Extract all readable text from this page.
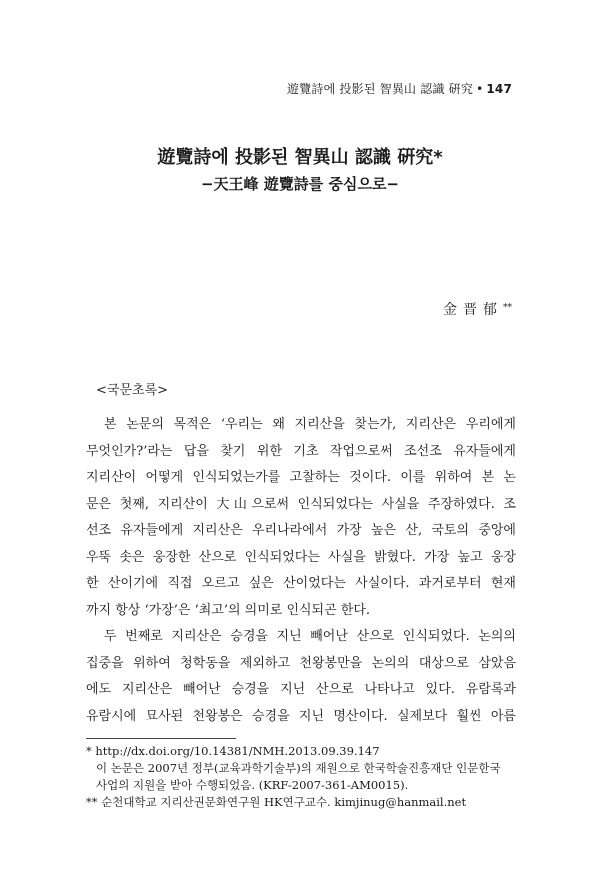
遊覽詩에 投影된 智異山 認識 硏究 • 147
遊覽詩에 投影된 智異山 認識 硏究*
−天王峰 遊覽詩를 중심으로−
金晋郁**
<국문초록>
본 논문의 목적은 ‘우리는 왜 지리산을 찾는가, 지리산은 우리에게
무엇인가?’라는 답을 찾기 위한 기초 작업으로써 조선조 유자들에게
지리산이 어떻게 인식되었는가를 고찰하는 것이다. 이를 위하여 본 논
문은 첫째, 지리산이 大山으로써 인식되었다는 사실을 주장하였다. 조
선조 유자들에게 지리산은 우리나라에서 가장 높은 산, 국토의 중앙에
우뚝 솟은 웅장한 산으로 인식되었다는 사실을 밝혔다. 가장 높고 웅장
한 산이기에 직접 오르고 싶은 산이었다는 사실이다. 과거로부터 현재
까지 항상 ‘가장’은 ‘최고’의 의미로 인식되곤 한다.
두 번째로 지리산은 승경을 지닌 빼어난 산으로 인식되었다. 논의의
집중을 위하여 청학동을 제외하고 천왕봉만을 논의의 대상으로 삼았음
에도 지리산은 빼어난 승경을 지닌 산으로 나타나고 있다. 유람록과
유람시에 묘사된 천왕봉은 승경을 지닌 명산이다. 실제보다 훨씬 아름
* http://dx.doi.org/10.14381/NMH.2013.09.39.147
이 논문은 2007년 정부(교육과학기술부)의 재원으로 한국학술진흥재단 인문한국
사업의 지원을 받아 수행되었음. (KRF-2007-361-AM0015).
** 순천대학교 지리산권문화연구원 HK연구교수. kimjinug@hanmail.net
